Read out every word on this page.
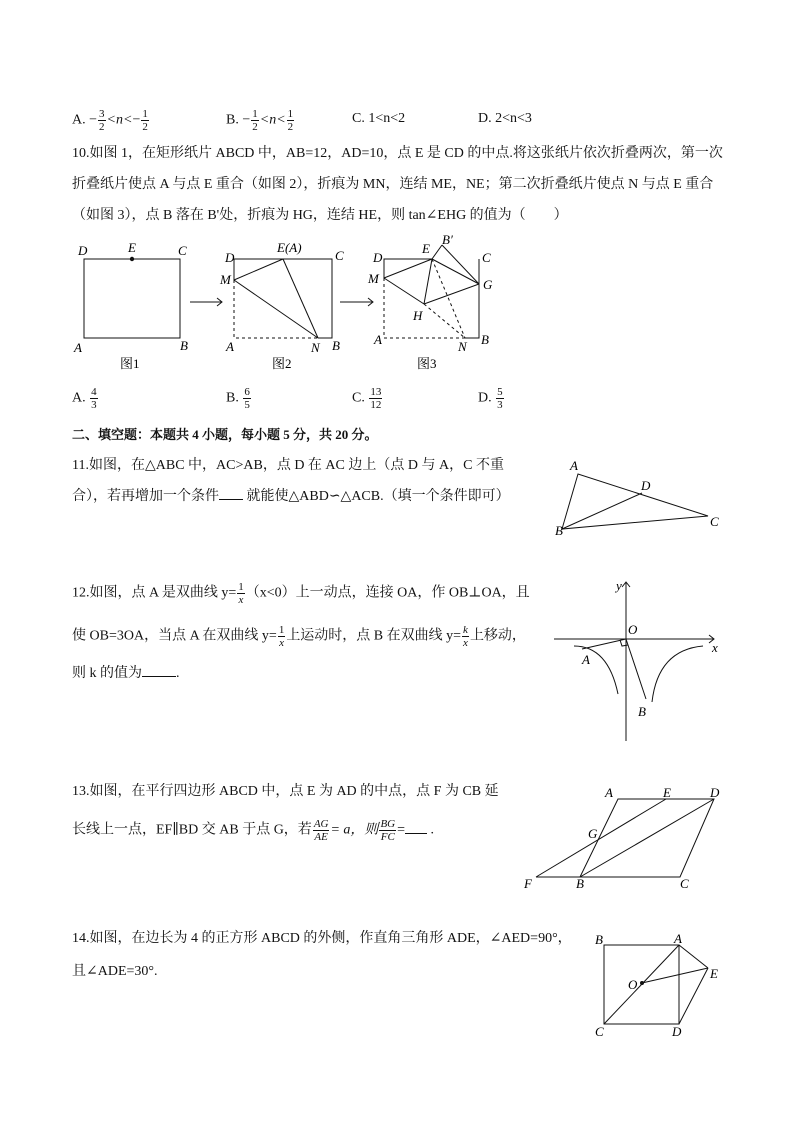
A. − $\frac{3}{2} <n<- \frac{1}{2}$	B. − $\frac{1}{2} <n< \frac{1}{2}$	C. 1<n<2	D. 2<n<3
10.如图 1，在矩形纸片 ABCD 中，AB=12，AD=10，点 E 是 CD 的中点.将这张纸片依次折叠两次，第一次
折叠纸片使点 A 与点 E 重合（如图 2），折痕为 MN，连结 ME，NE；第二次折叠纸片使点 N 与点 E 重合
（如图 3），点 B 落在 B'处，折痕为 HG，连结 HE，则 tan∠EHG 的值为（　　）
D	E	C
A	B
图1
D
E(A)
C
M
A	N B
图2
D
E
B′
C
M	G
H
A	N B
图3
A. $\frac{4}{3}$	B. $\frac{6}{5}$	C. $\frac{13}{12}$	D. $\frac{5}{3}$
二、填空题：本题共 4 小题，每小题 5 分，共 20 分。
11.如图，在△ABC 中，AC>AB，点 D 在 AC 边上（点 D 与 A，C 不重
合），若再增加一个条件 就能使△ABD∽△ACB.（填一个条件即可）
A
D
B
C
12.如图，点 A 是双曲线 $y= \frac{1}{x} (x<0)$上一动点，连接 OA，作 OB⊥OA，且
使 OB=3OA，当点 A 在双曲线 $y= \frac{1}{x}$ 上运动时，点 B 在双曲线 $y= \frac{k}{x}$ 上移动，
则 k 的值为 .
y
O
x
A
B
13.如图，在平行四边形 ABCD 中，点 E 为 AD 的中点，点 F 为 CB 延
长线上一点，EF∥BD 交 AB 于点 G，若 $\frac{AG}{AE} = a$，则 $\frac{BG}{FC}$ = .
A	E	D
G
F	B	C
14.如图，在边长为 4 的正方形 ABCD 的外侧，作直角三角形 ADE，∠AED=90°，
且∠ADE=30°.
B	A
E
O
C	D
